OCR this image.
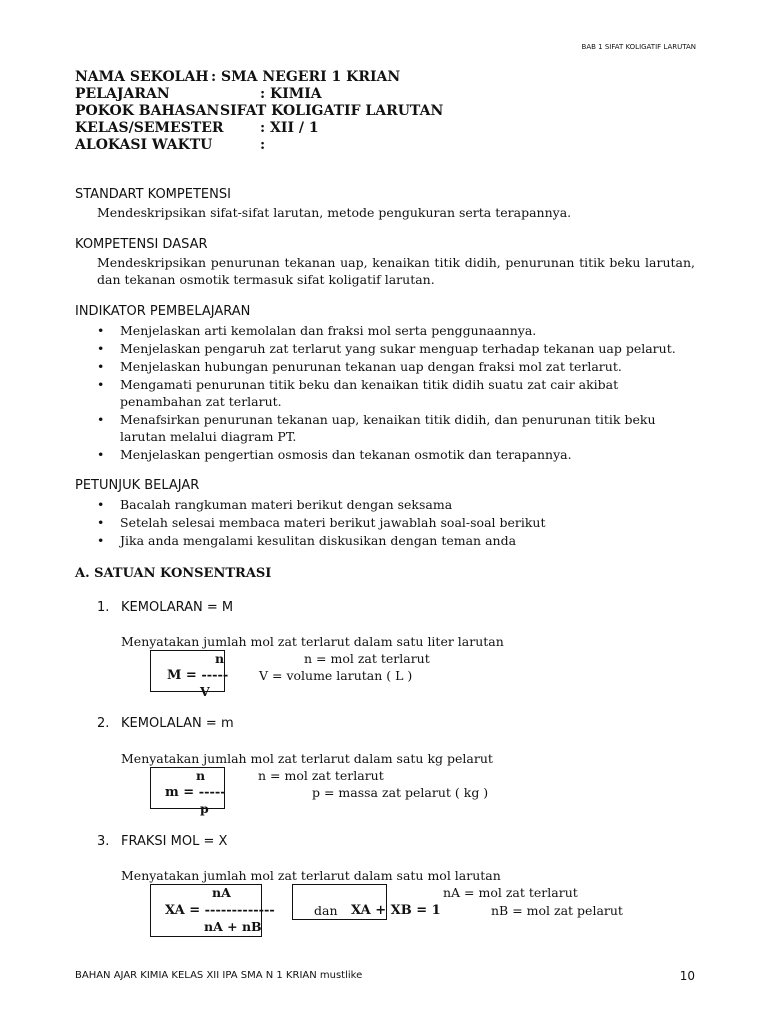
BAB 1 SIFAT KOLIGATIF LARUTAN
NAMA SEKOLAH : SMA NEGERI 1 KRIAN
PELAJARAN	: KIMIA
POKOK BAHASAN SIFAT KOLIGATIF LARUTAN
KELAS/SEMESTER	: XII / 1
ALOKASI WAKTU	:
STANDART KOMPETENSI
Mendeskripsikan sifat-sifat larutan, metode pengukuran serta terapannya.
KOMPETENSI DASAR
Mendeskripsikan penurunan tekanan uap, kenaikan titik didih, penurunan titik beku larutan, dan tekanan osmotik termasuk sifat koligatif larutan.
INDIKATOR PEMBELAJARAN
• Menjelaskan arti kemolalan dan fraksi mol serta penggunaannya.
• Menjelaskan pengaruh zat terlarut yang sukar menguap terhadap tekanan uap pelarut.
• Menjelaskan hubungan penurunan tekanan uap dengan fraksi mol zat terlarut.
• Mengamati penurunan titik beku dan kenaikan titik didih suatu zat cair akibat penambahan zat terlarut.
• Menafsirkan penurunan tekanan uap, kenaikan titik didih, dan penurunan titik beku larutan melalui diagram PT.
• Menjelaskan pengertian osmosis dan tekanan osmotik dan terapannya.
PETUNJUK BELAJAR
• Bacalah rangkuman materi berikut dengan seksama
• Setelah selesai membaca materi berikut jawablah soal-soal berikut
• Jika anda mengalami kesulitan diskusikan dengan teman anda
A. SATUAN KONSENTRASI
1. KEMOLARAN = M
Menyatakan jumlah mol zat terlarut dalam satu liter larutan
n
M = -----
V
n = mol zat terlarut
V = volume larutan ( L )
2. KEMOLALAN = m
Menyatakan jumlah mol zat terlarut dalam satu kg pelarut
n
m = -----
p
n = mol zat terlarut
p = massa zat pelarut ( kg )
3. FRAKSI MOL = X
Menyatakan jumlah mol zat terlarut dalam satu mol larutan
nA
XA = -------------
nA + nB
dan XA + XB = 1
nA = mol zat terlarut
nB = mol zat pelarut
BAHAN AJAR KIMIA KELAS XII IPA SMA N 1 KRIAN mustlike	10
